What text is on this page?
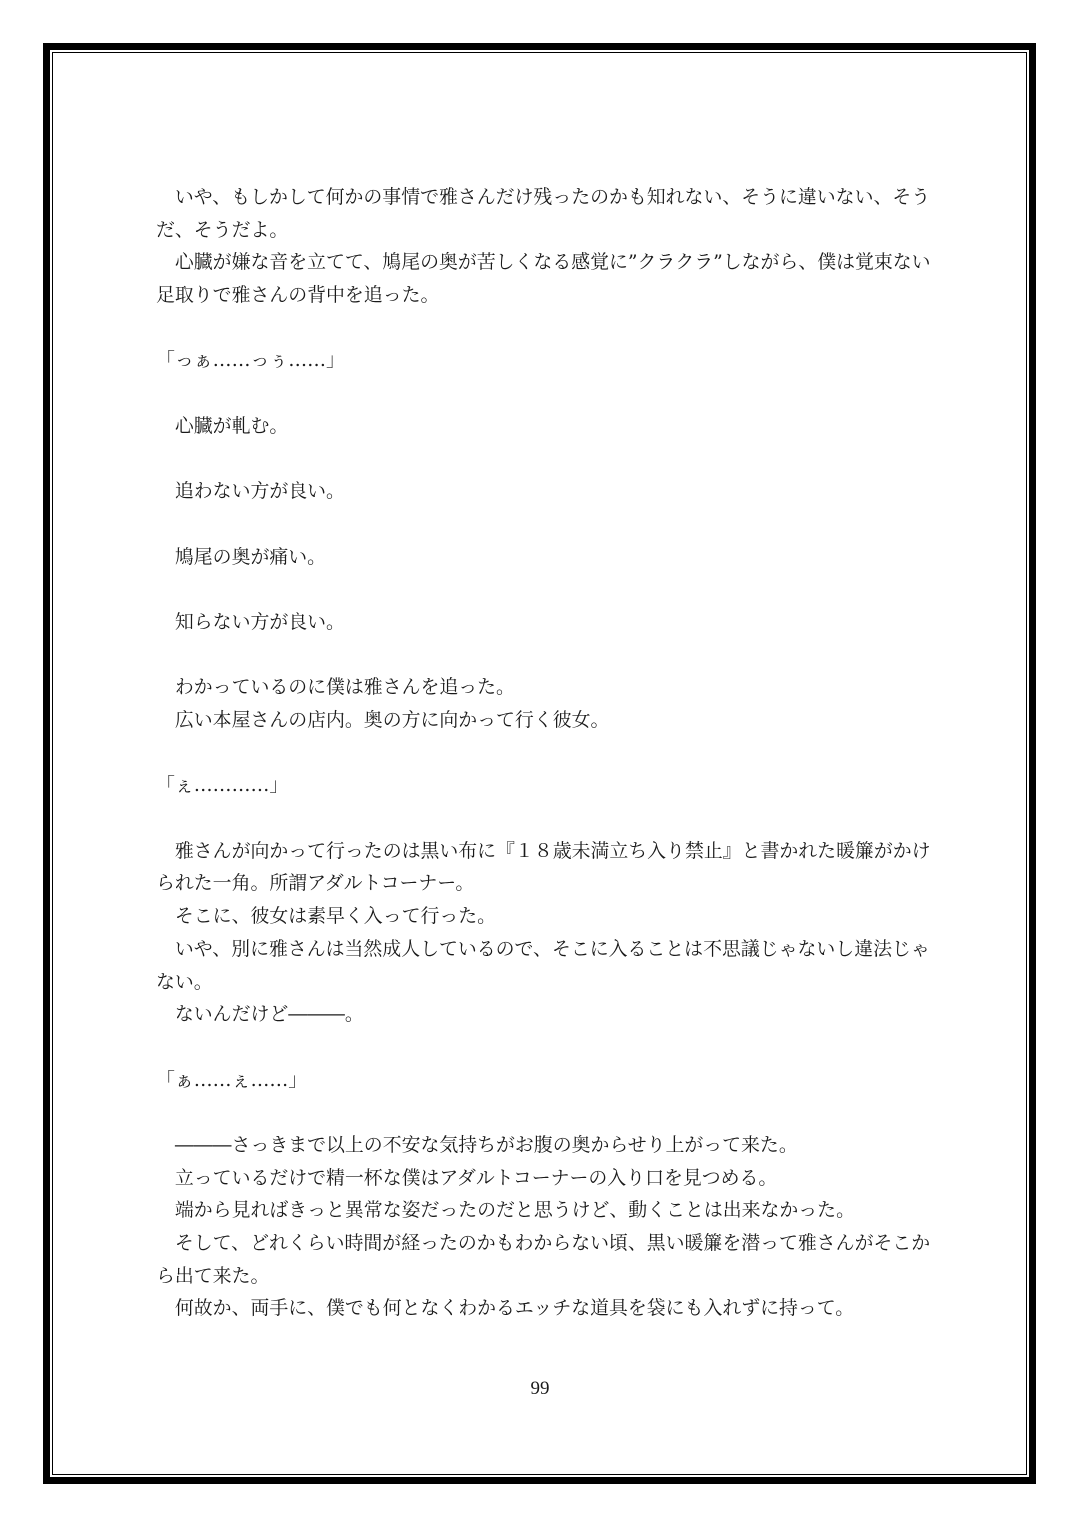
　いや、もしかして何かの事情で雅さんだけ残ったのかも知れない、そうに違いない、そう
だ、そうだよ。
　心臓が嫌な音を立てて、鳩尾の奥が苦しくなる感覚に”クラクラ”しながら、僕は覚束ない
足取りで雅さんの背中を追った。
「っぁ……っぅ……」
　心臓が軋む。
　追わない方が良い。
　鳩尾の奥が痛い。
　知らない方が良い。
　わかっているのに僕は雅さんを追った。
　広い本屋さんの店内。奥の方に向かって行く彼女。
「ぇ…………」
　雅さんが向かって行ったのは黒い布に『１８歳未満立ち入り禁止』と書かれた暖簾がかけ
られた一角。所謂アダルトコーナー。
　そこに、彼女は素早く入って行った。
　いや、別に雅さんは当然成人しているので、そこに入ることは不思議じゃないし違法じゃ
ない。
　ないんだけど―――。
「ぁ……ぇ……」
　―――さっきまで以上の不安な気持ちがお腹の奥からせり上がって来た。
　立っているだけで精一杯な僕はアダルトコーナーの入り口を見つめる。
　端から見ればきっと異常な姿だったのだと思うけど、動くことは出来なかった。
　そして、どれくらい時間が経ったのかもわからない頃、黒い暖簾を潜って雅さんがそこか
ら出て来た。
　何故か、両手に、僕でも何となくわかるエッチな道具を袋にも入れずに持って。
99
